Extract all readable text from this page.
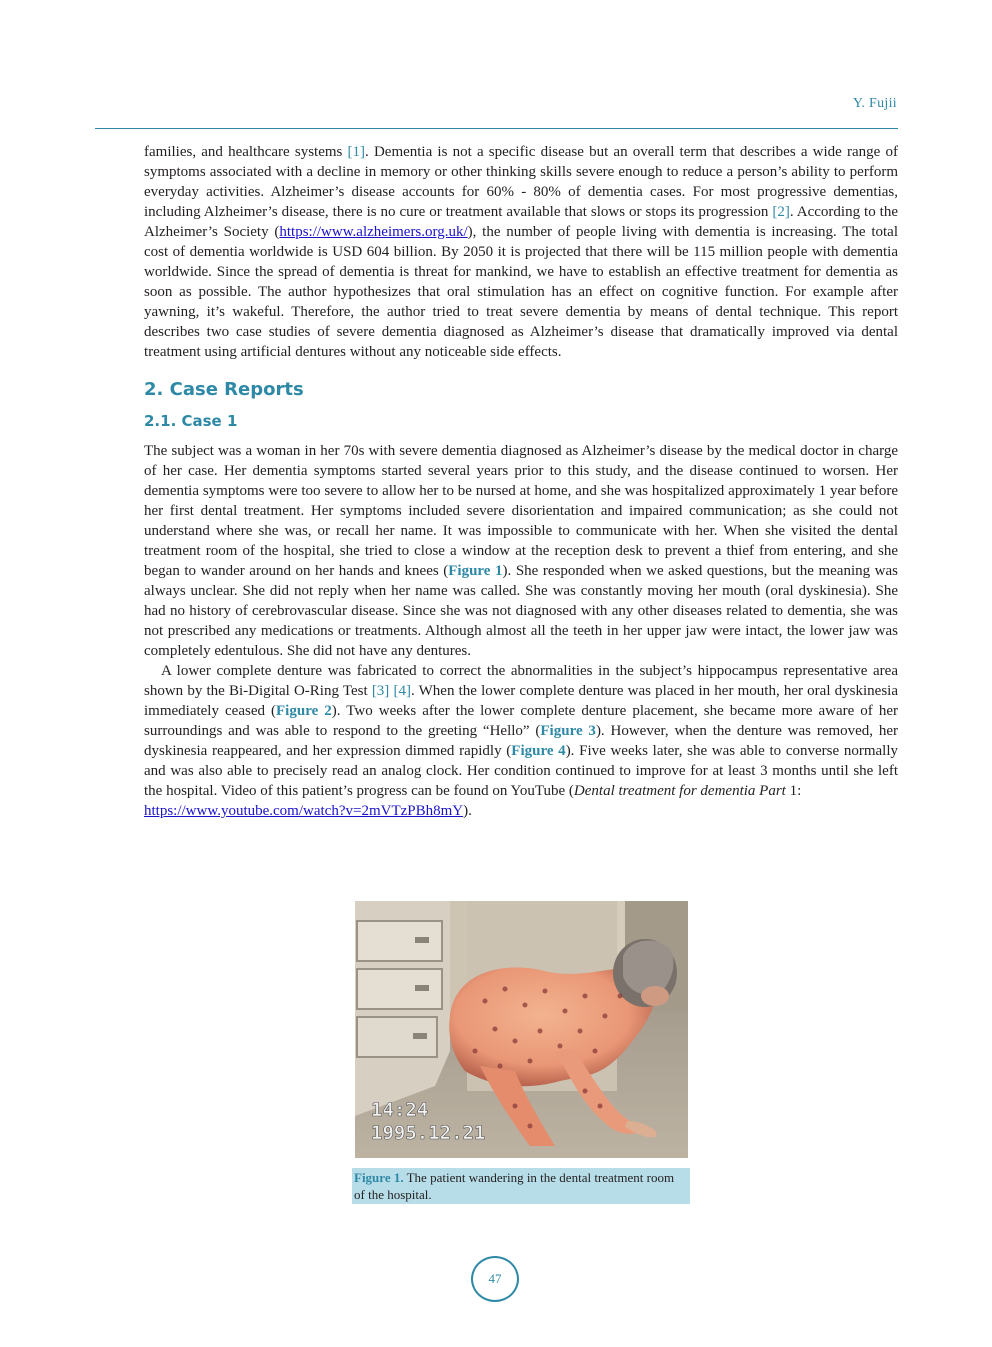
Y. Fujii

families, and healthcare systems [1]. Dementia is not a specific disease but an overall term that describes a wide range of symptoms associated with a decline in memory or other thinking skills severe enough to reduce a person’s ability to perform everyday activities. Alzheimer’s disease accounts for 60% - 80% of dementia cases. For most progressive dementias, including Alzheimer’s disease, there is no cure or treatment available that slows or stops its progression [2]. According to the Alzheimer’s Society (https://www.alzheimers.org.uk/), the number of people living with dementia is increasing. The total cost of dementia worldwide is USD 604 billion. By 2050 it is projected that there will be 115 million people with dementia worldwide. Since the spread of dementia is threat for mankind, we have to establish an effective treatment for dementia as soon as possible. The author hypothesizes that oral stimulation has an effect on cognitive function. For example after yawning, it’s wakeful. Therefore, the author tried to treat severe dementia by means of dental technique. This report describes two case studies of severe dementia diagnosed as Alzheimer’s disease that dramatically improved via dental treatment using artificial dentures without any noticeable side effects.

2. Case Reports
2.1. Case 1

The subject was a woman in her 70s with severe dementia diagnosed as Alzheimer’s disease by the medical doctor in charge of her case. Her dementia symptoms started several years prior to this study, and the disease continued to worsen. Her dementia symptoms were too severe to allow her to be nursed at home, and she was hospitalized approximately 1 year before her first dental treatment. Her symptoms included severe disorientation and impaired communication; as she could not understand where she was, or recall her name. It was impossible to communicate with her. When she visited the dental treatment room of the hospital, she tried to close a window at the reception desk to prevent a thief from entering, and she began to wander around on her hands and knees (Figure 1). She responded when we asked questions, but the meaning was always unclear. She did not reply when her name was called. She was constantly moving her mouth (oral dyskinesia). She had no history of cerebrovascular disease. Since she was not diagnosed with any other diseases related to dementia, she was not prescribed any medications or treatments. Although almost all the teeth in her upper jaw were intact, the lower jaw was completely edentulous. She did not have any dentures.

A lower complete denture was fabricated to correct the abnormalities in the subject’s hippocampus representative area shown by the Bi-Digital O-Ring Test [3] [4]. When the lower complete denture was placed in her mouth, her oral dyskinesia immediately ceased (Figure 2). Two weeks after the lower complete denture placement, she became more aware of her surroundings and was able to respond to the greeting “Hello” (Figure 3). However, when the denture was removed, her dyskinesia reappeared, and her expression dimmed rapidly (Figure 4). Five weeks later, she was able to converse normally and was also able to precisely read an analog clock. Her condition continued to improve for at least 3 months until she left the hospital. Video of this patient’s progress can be found on YouTube (Dental treatment for dementia Part 1:
https://www.youtube.com/watch?v=2mVTzPBh8mY).

14:24
1995.12.21
Figure 1. The patient wandering in the dental treatment room of the hospital.
47
